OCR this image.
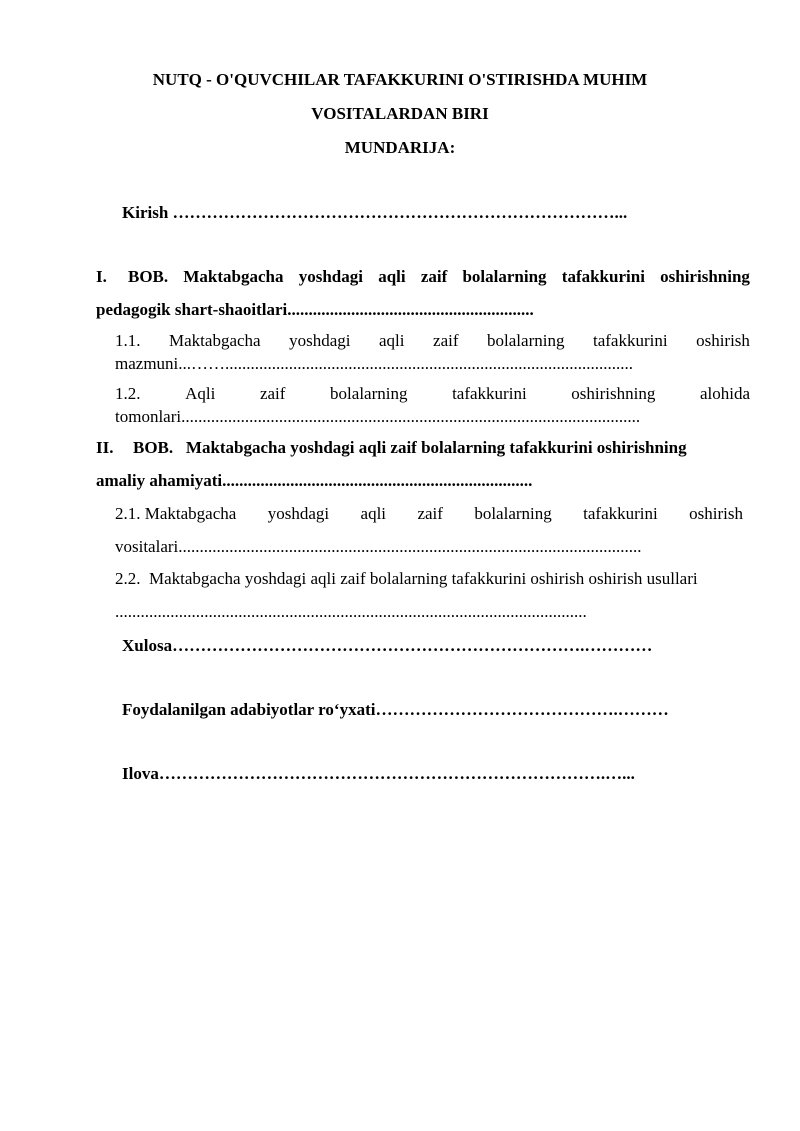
NUTQ - O'QUVCHILAR TAFAKKURINI O'STIRISHDA MUHIM
VOSITALARDAN BIRI
MUNDARIJA:
Kirish ……………………………………………………………………...
I. BOB. Maktabgacha yoshdagi aqli zaif bolalarning tafakkurini oshirishning
pedagogik shart-shaoitlari..........................................................
1.1. Maktabgacha yoshdagi aqli zaif bolalarning tafakkurini oshirish
mazmuni...……................................................................................................
1.2.	Aqli	zaif	bolalarning	tafakkurini	oshirishning	alohida
tomonlari............................................................................................................
II. BOB.   Maktabgacha yoshdagi aqli zaif bolalarning tafakkurini oshirishning
amaliy ahamiyati.........................................................................
2.1. Maktabgacha yoshdagi aqli zaif bolalarning tafakkurini oshirish
vositalari.............................................................................................................
2.2.  Maktabgacha yoshdagi aqli zaif bolalarning tafakkurini oshirish oshirish usullari
...............................................................................................................
Xulosa……………………………………………………………….…………
Foydalanilgan adabiyotlar ro‘yxati…………………………………….………
Ilova…………………………………………………………………….…...
